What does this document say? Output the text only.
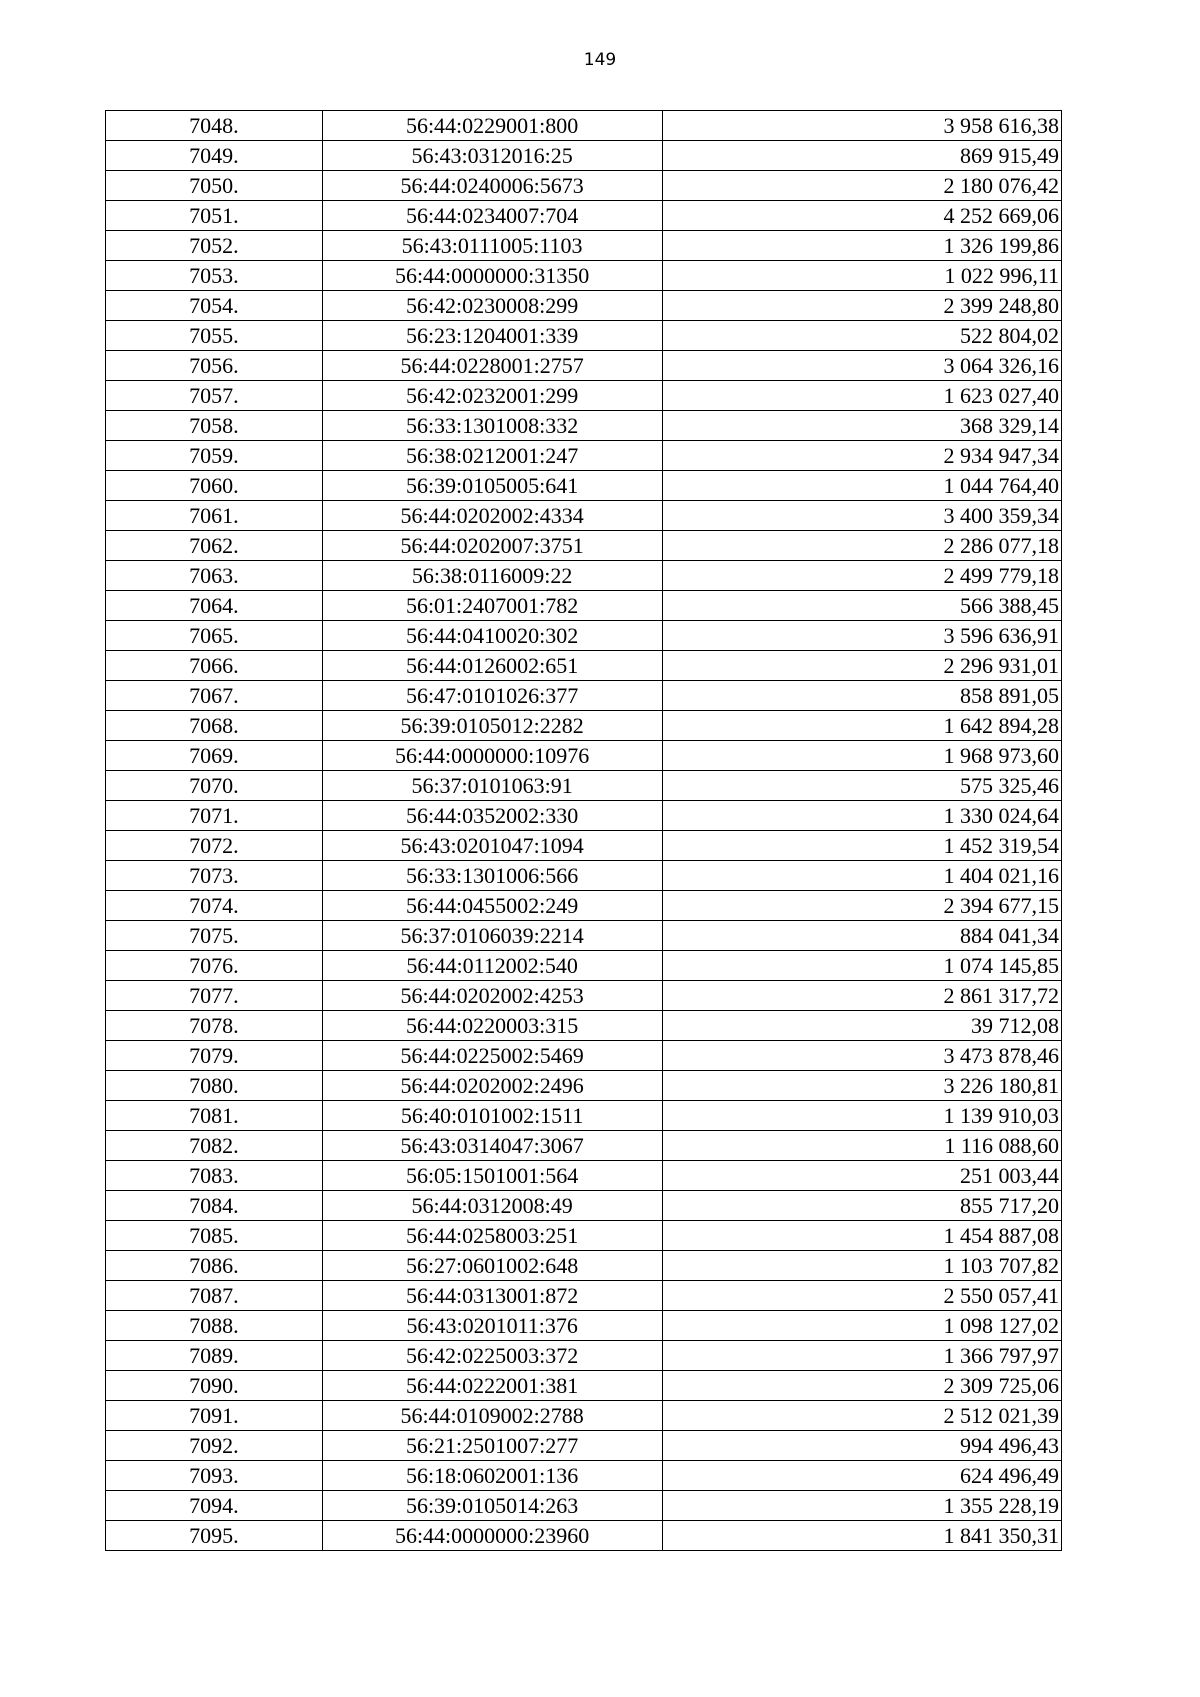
149
7048.	56:44:0229001:800	3 958 616,38
7049.	56:43:0312016:25	869 915,49
7050.	56:44:0240006:5673	2 180 076,42
7051.	56:44:0234007:704	4 252 669,06
7052.	56:43:0111005:1103	1 326 199,86
7053.	56:44:0000000:31350	1 022 996,11
7054.	56:42:0230008:299	2 399 248,80
7055.	56:23:1204001:339	522 804,02
7056.	56:44:0228001:2757	3 064 326,16
7057.	56:42:0232001:299	1 623 027,40
7058.	56:33:1301008:332	368 329,14
7059.	56:38:0212001:247	2 934 947,34
7060.	56:39:0105005:641	1 044 764,40
7061.	56:44:0202002:4334	3 400 359,34
7062.	56:44:0202007:3751	2 286 077,18
7063.	56:38:0116009:22	2 499 779,18
7064.	56:01:2407001:782	566 388,45
7065.	56:44:0410020:302	3 596 636,91
7066.	56:44:0126002:651	2 296 931,01
7067.	56:47:0101026:377	858 891,05
7068.	56:39:0105012:2282	1 642 894,28
7069.	56:44:0000000:10976	1 968 973,60
7070.	56:37:0101063:91	575 325,46
7071.	56:44:0352002:330	1 330 024,64
7072.	56:43:0201047:1094	1 452 319,54
7073.	56:33:1301006:566	1 404 021,16
7074.	56:44:0455002:249	2 394 677,15
7075.	56:37:0106039:2214	884 041,34
7076.	56:44:0112002:540	1 074 145,85
7077.	56:44:0202002:4253	2 861 317,72
7078.	56:44:0220003:315	39 712,08
7079.	56:44:0225002:5469	3 473 878,46
7080.	56:44:0202002:2496	3 226 180,81
7081.	56:40:0101002:1511	1 139 910,03
7082.	56:43:0314047:3067	1 116 088,60
7083.	56:05:1501001:564	251 003,44
7084.	56:44:0312008:49	855 717,20
7085.	56:44:0258003:251	1 454 887,08
7086.	56:27:0601002:648	1 103 707,82
7087.	56:44:0313001:872	2 550 057,41
7088.	56:43:0201011:376	1 098 127,02
7089.	56:42:0225003:372	1 366 797,97
7090.	56:44:0222001:381	2 309 725,06
7091.	56:44:0109002:2788	2 512 021,39
7092.	56:21:2501007:277	994 496,43
7093.	56:18:0602001:136	624 496,49
7094.	56:39:0105014:263	1 355 228,19
7095.	56:44:0000000:23960	1 841 350,31
